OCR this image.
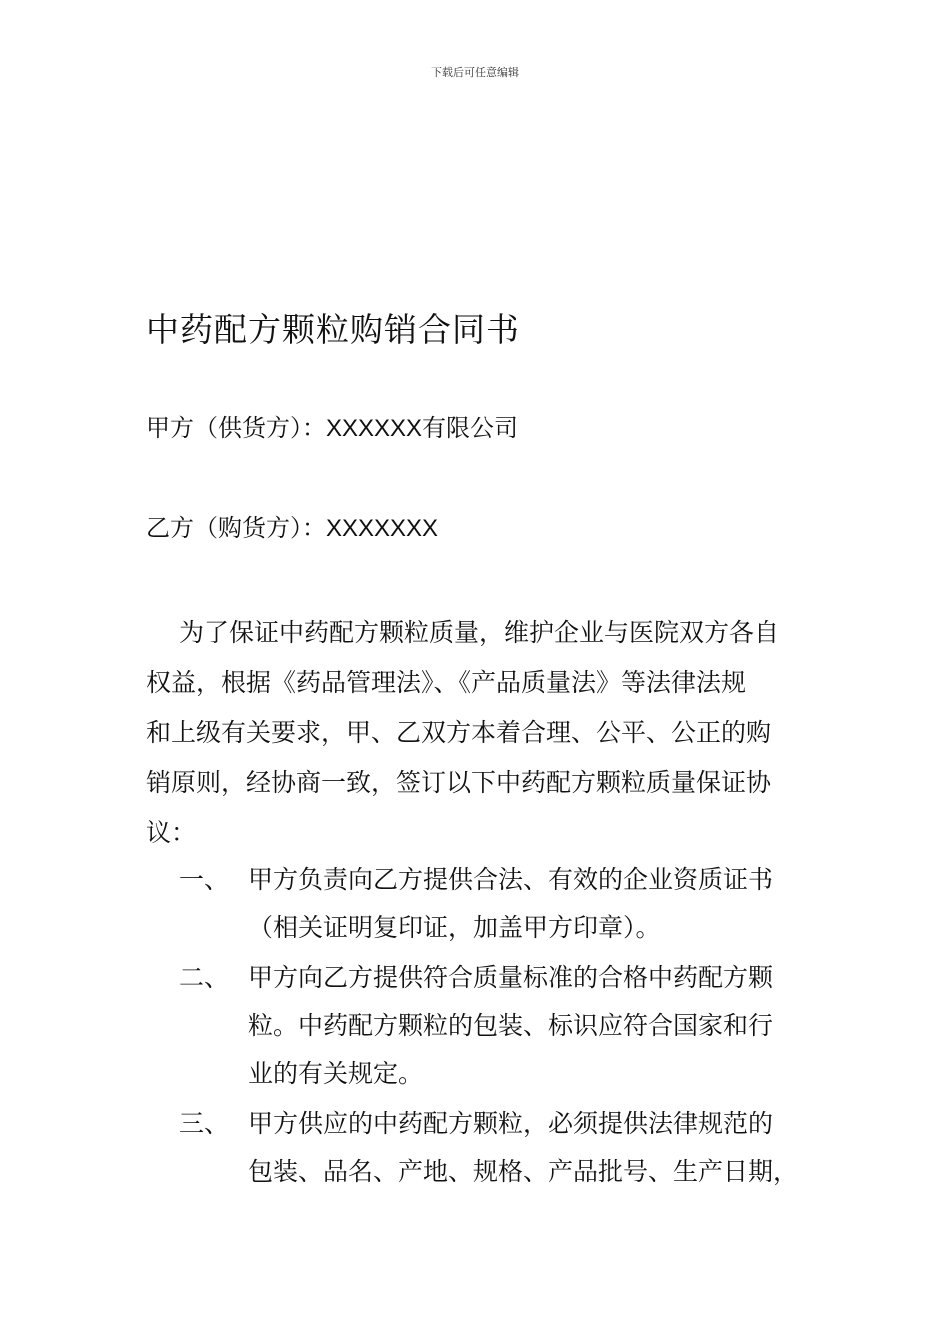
下载后可任意编辑
中药配方颗粒购销合同书
甲方（供货方）：XXXXXX有限公司
乙方（购货方）：XXXXXXX
为了保证中药配方颗粒质量，维护企业与医院双方各自
权益，根据《药品管理法》、《产品质量法》等法律法规
和上级有关要求，甲、乙双方本着合理、公平、公正的购
销原则，经协商一致，签订以下中药配方颗粒质量保证协
议：
一、 甲方负责向乙方提供合法、有效的企业资质证书
（相关证明复印证，加盖甲方印章）。
二、 甲方向乙方提供符合质量标准的合格中药配方颗
粒。中药配方颗粒的包装、标识应符合国家和行
业的有关规定。
三、 甲方供应的中药配方颗粒，必须提供法律规范的
包装、品名、产地、规格、产品批号、生产日期，
